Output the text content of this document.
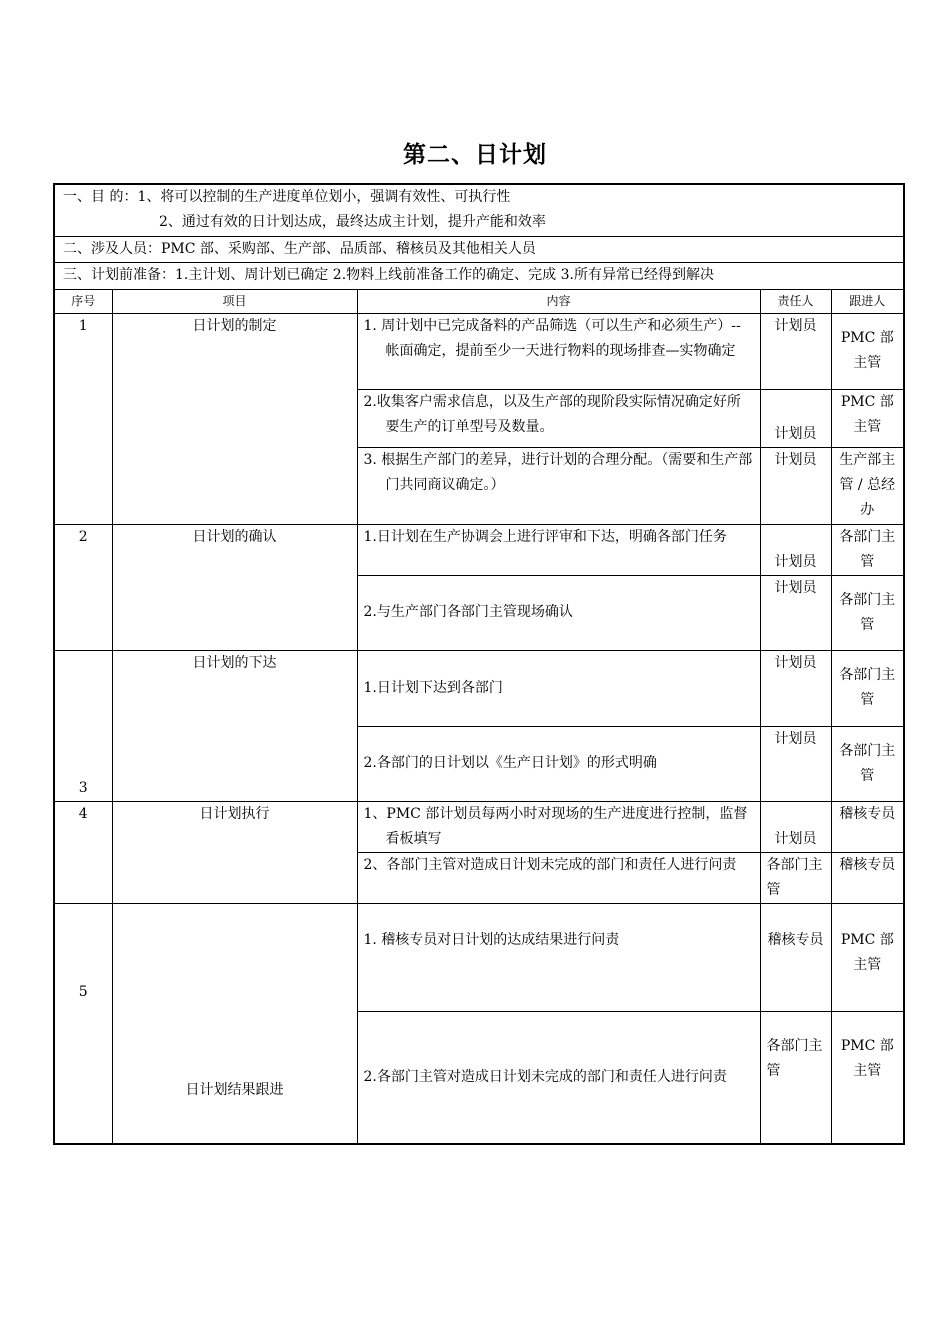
第二、日计划
一、目 的：1、将可以控制的生产进度单位划小，强调有效性、可执行性
2、通过有效的日计划达成，最终达成主计划，提升产能和效率				

二、涉及人员：PMC 部、采购部、生产部、品质部、稽核员及其他相关人员				
三、计划前准备：1.主计划、周计划已确定 2.物料上线前准备工作的确定、完成 3.所有异常已经得到解决				
序号	项目	内容	责任人	跟进人
1	日计划的制定	1. 周计划中已完成备料的产品筛选（可以生产和必须生产）--帐面确定，提前至少一天进行物料的现场排查—实物确定	计划员	PMC 部主管

		2.收集客户需求信息，以及生产部的现阶段实际情况确定好所要生产的订单型号及数量。	计划员	PMC 部主管

		3. 根据生产部门的差异，进行计划的合理分配。（需要和生产部门共同商议确定。）	计划员	生产部主 管 / 总经办
2	日计划的确认	1.日计划在生产协调会上进行评审和下达，明确各部门任务	计划员	各部门主管

		2.与生产部门各部门主管现场确认	计划员	各部门主管
3	日计划的下达	1.日计划下达到各部门	计划员	各部门主管

		2.各部门的日计划以《生产日计划》的形式明确	计划员	各部门主管
4	日计划执行	1、PMC 部计划员每两小时对现场的生产进度进行控制，监督看板填写	计划员	稽核专员

		2、各部门主管对造成日计划未完成的部门和责任人进行问责	各部门主管	稽核专员
5	日计划结果跟进	1. 稽核专员对日计划的达成结果进行问责	稽核专员	PMC 部主管

		2.各部门主管对造成日计划未完成的部门和责任人进行问责	各部门主管	PMC 部主管
